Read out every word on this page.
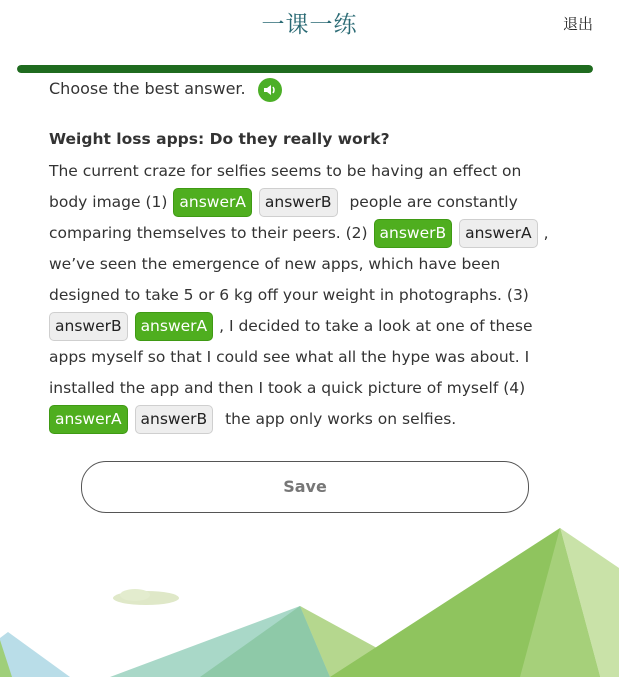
一课一练	退出
Choose the best answer.
Weight loss apps: Do they really work?
The current craze for selfies seems to be having an effect on
body image (1) answerA answerB people are constantly
comparing themselves to their peers. (2) answerB answerA ,
we’ve seen the emergence of new apps, which have been
designed to take 5 or 6 kg off your weight in photographs. (3)
answerB answerA , I decided to take a look at one of these
apps myself so that I could see what all the hype was about. I
installed the app and then I took a quick picture of myself (4)
answerA answerB the app only works on selfies.
Save
